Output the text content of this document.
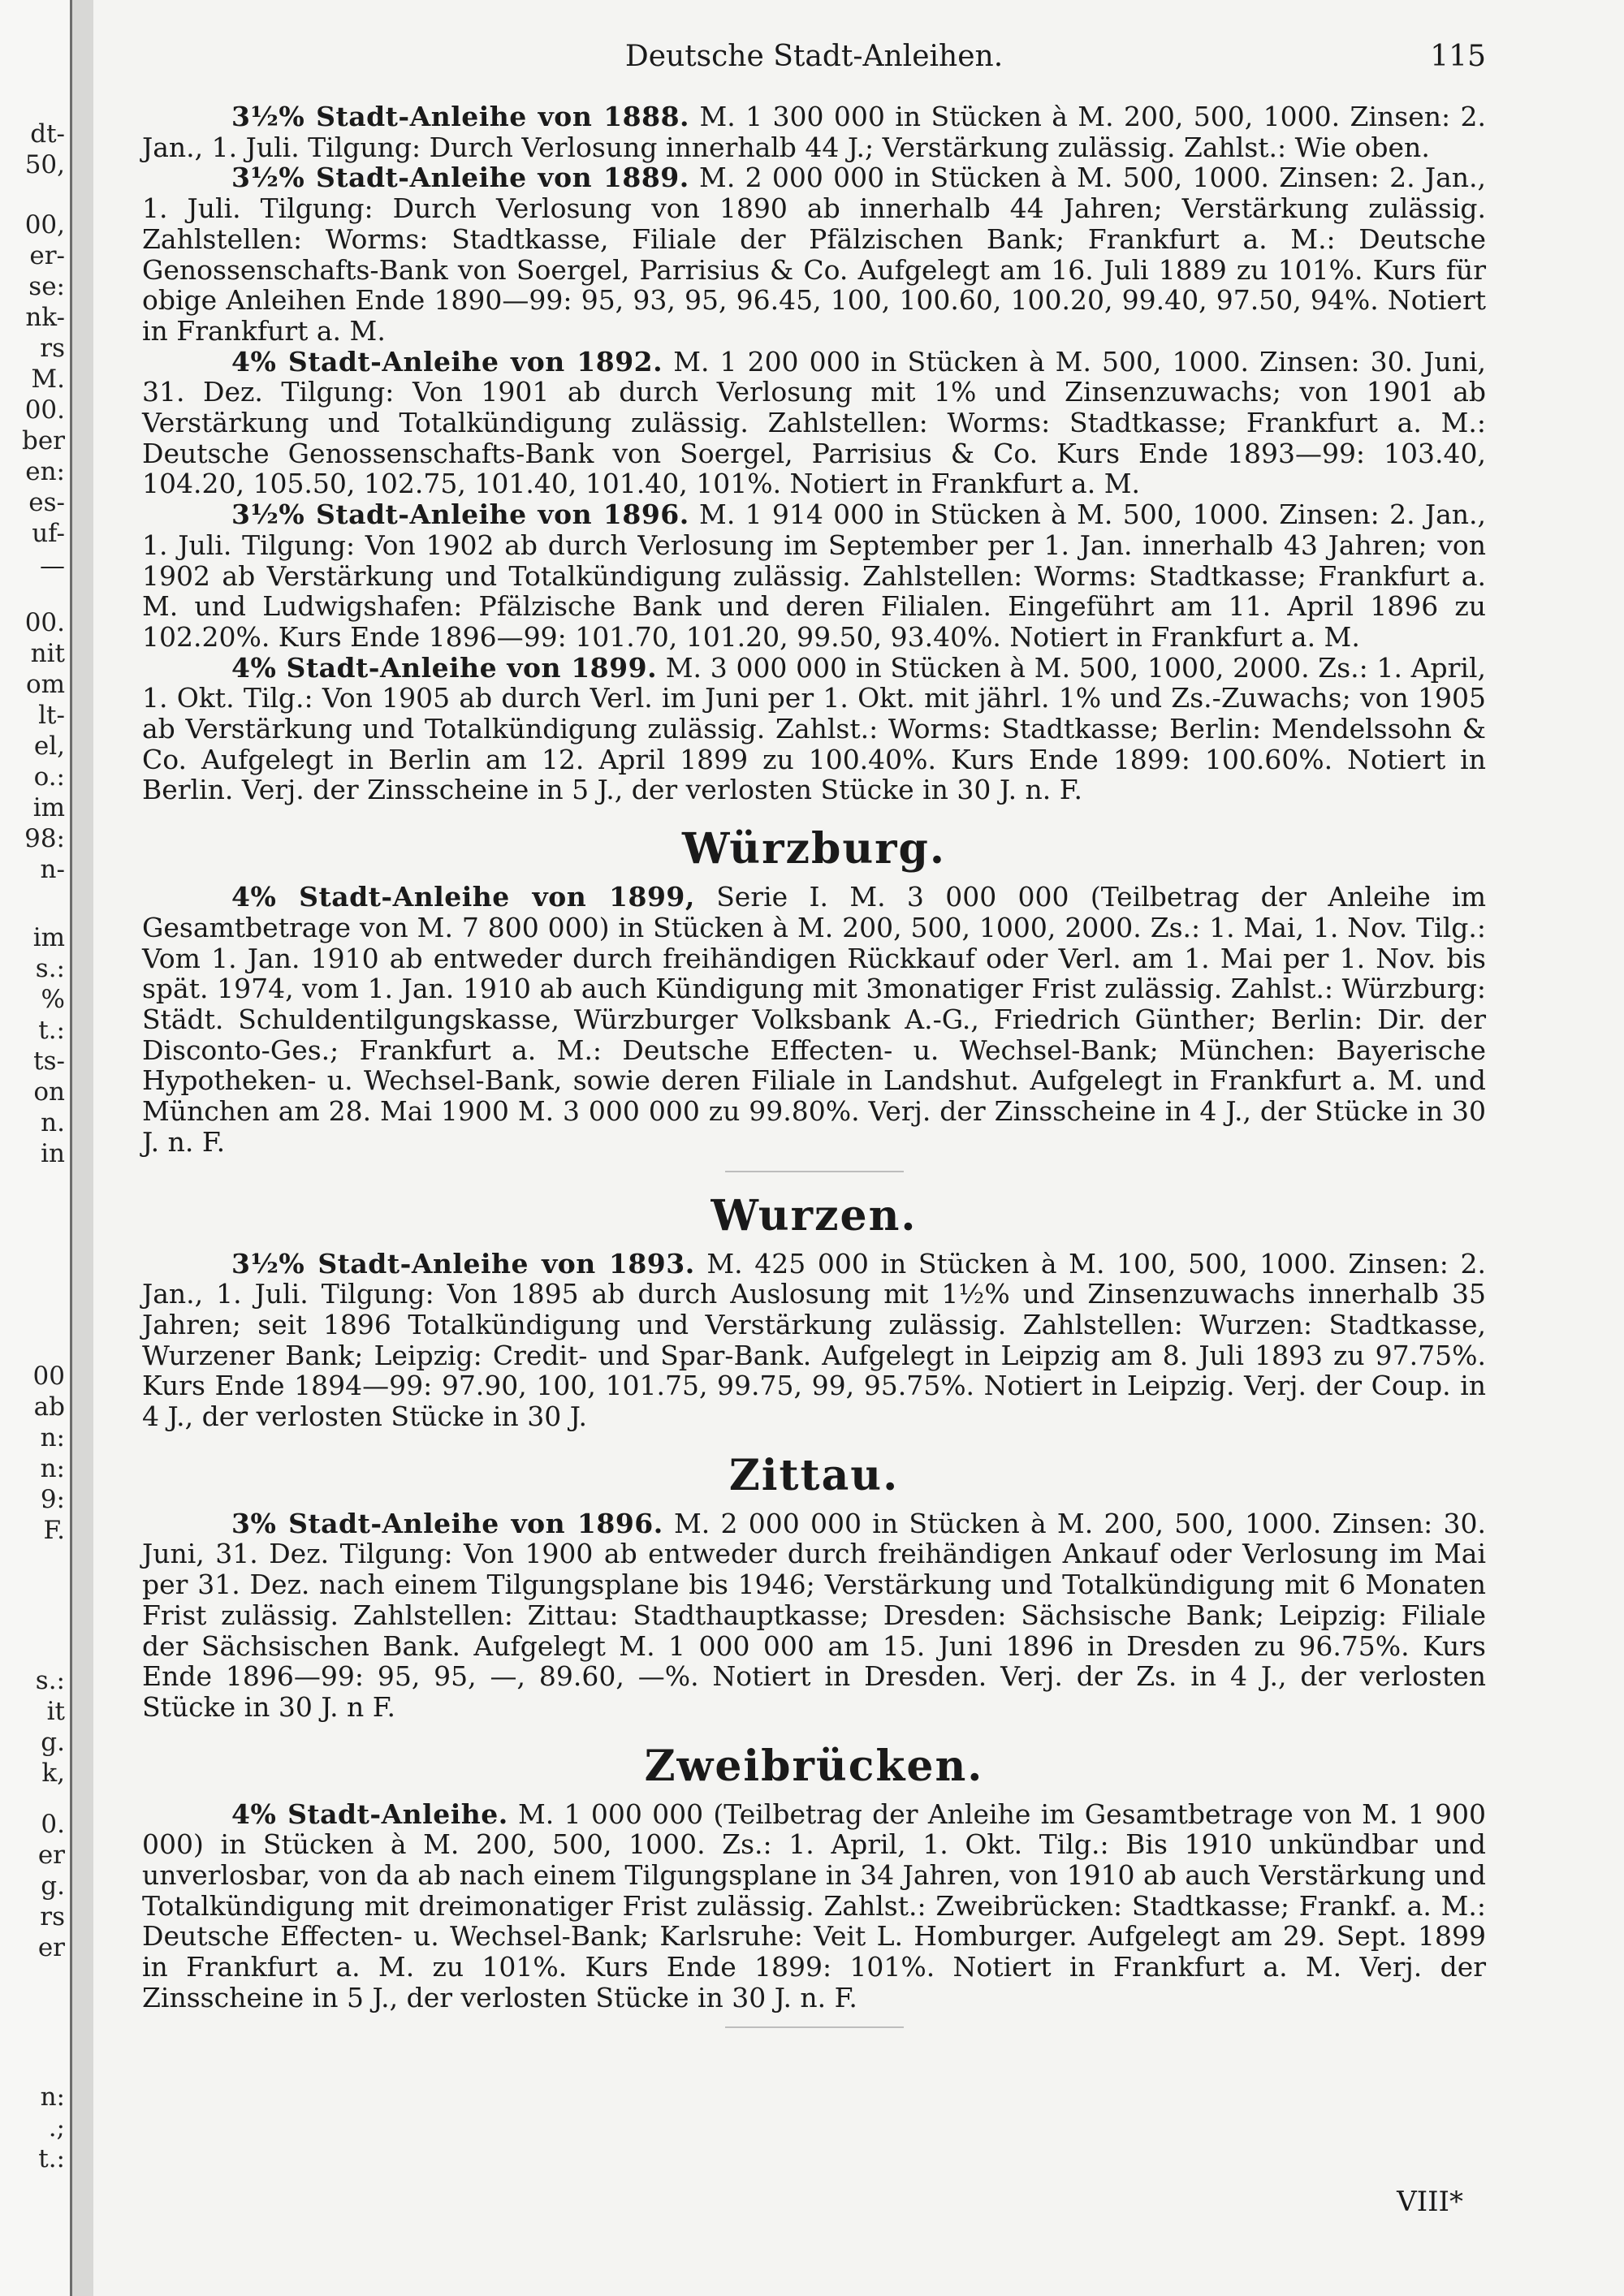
dt-
50,
00,
er-
se:
nk-
rs
M.
00.
ber
en:
es-
uf-
—
00.
nit
om
lt-
el,
o.:
im
98:
n-
im
s.:
%
t.:
ts-
on
n.
in
00
ab
n:
n:
9:
F.
s.:
it
g.
k,
0.
er
g.
rs
er
n:
.;
t.:
Deutsche Stadt-Anleihen.	115

3½% Stadt-Anleihe von 1888. M. 1 300 000 in Stücken à M. 200, 500, 1000. Zinsen: 2. Jan., 1. Juli. Tilgung: Durch Verlosung innerhalb 44 J.; Verstärkung zulässig. Zahlst.: Wie oben.

3½% Stadt-Anleihe von 1889. M. 2 000 000 in Stücken à M. 500, 1000. Zinsen: 2. Jan., 1. Juli. Tilgung: Durch Verlosung von 1890 ab innerhalb 44 Jahren; Verstärkung zulässig. Zahlstellen: Worms: Stadtkasse, Filiale der Pfälzischen Bank; Frankfurt a. M.: Deutsche Genossenschafts-Bank von Soergel, Parrisius & Co. Aufgelegt am 16. Juli 1889 zu 101%. Kurs für obige Anleihen Ende 1890—99: 95, 93, 95, 96.45, 100, 100.60, 100.20, 99.40, 97.50, 94%. Notiert in Frankfurt a. M.

4% Stadt-Anleihe von 1892. M. 1 200 000 in Stücken à M. 500, 1000. Zinsen: 30. Juni, 31. Dez. Tilgung: Von 1901 ab durch Verlosung mit 1% und Zinsenzuwachs; von 1901 ab Verstärkung und Totalkündigung zulässig. Zahlstellen: Worms: Stadtkasse; Frankfurt a. M.: Deutsche Genossenschafts-Bank von Soergel, Parrisius & Co. Kurs Ende 1893—99: 103.40, 104.20, 105.50, 102.75, 101.40, 101.40, 101%. Notiert in Frankfurt a. M.

3½% Stadt-Anleihe von 1896. M. 1 914 000 in Stücken à M. 500, 1000. Zinsen: 2. Jan., 1. Juli. Tilgung: Von 1902 ab durch Verlosung im September per 1. Jan. innerhalb 43 Jahren; von 1902 ab Verstärkung und Totalkündigung zulässig. Zahlstellen: Worms: Stadtkasse; Frankfurt a. M. und Ludwigshafen: Pfälzische Bank und deren Filialen. Eingeführt am 11. April 1896 zu 102.20%. Kurs Ende 1896—99: 101.70, 101.20, 99.50, 93.40%. Notiert in Frankfurt a. M.

4% Stadt-Anleihe von 1899. M. 3 000 000 in Stücken à M. 500, 1000, 2000. Zs.: 1. April, 1. Okt. Tilg.: Von 1905 ab durch Verl. im Juni per 1. Okt. mit jährl. 1% und Zs.-Zuwachs; von 1905 ab Verstärkung und Totalkündigung zulässig. Zahlst.: Worms: Stadtkasse; Berlin: Mendelssohn & Co. Aufgelegt in Berlin am 12. April 1899 zu 100.40%. Kurs Ende 1899: 100.60%. Notiert in Berlin. Verj. der Zinsscheine in 5 J., der verlosten Stücke in 30 J. n. F.

Würzburg.

4% Stadt-Anleihe von 1899, Serie I. M. 3 000 000 (Teilbetrag der Anleihe im Gesamtbetrage von M. 7 800 000) in Stücken à M. 200, 500, 1000, 2000. Zs.: 1. Mai, 1. Nov. Tilg.: Vom 1. Jan. 1910 ab entweder durch freihändigen Rückkauf oder Verl. am 1. Mai per 1. Nov. bis spät. 1974, vom 1. Jan. 1910 ab auch Kündigung mit 3monatiger Frist zulässig. Zahlst.: Würzburg: Städt. Schuldentilgungskasse, Würzburger Volksbank A.-G., Friedrich Günther; Berlin: Dir. der Disconto-Ges.; Frankfurt a. M.: Deutsche Effecten- u. Wechsel-Bank; München: Bayerische Hypotheken- u. Wechsel-Bank, sowie deren Filiale in Landshut. Aufgelegt in Frankfurt a. M. und München am 28. Mai 1900 M. 3 000 000 zu 99.80%. Verj. der Zinsscheine in 4 J., der Stücke in 30 J. n. F.

Wurzen.

3½% Stadt-Anleihe von 1893. M. 425 000 in Stücken à M. 100, 500, 1000. Zinsen: 2. Jan., 1. Juli. Tilgung: Von 1895 ab durch Auslosung mit 1½% und Zinsenzuwachs innerhalb 35 Jahren; seit 1896 Totalkündigung und Verstärkung zulässig. Zahlstellen: Wurzen: Stadtkasse, Wurzener Bank; Leipzig: Credit- und Spar-Bank. Aufgelegt in Leipzig am 8. Juli 1893 zu 97.75%. Kurs Ende 1894—99: 97.90, 100, 101.75, 99.75, 99, 95.75%. Notiert in Leipzig. Verj. der Coup. in 4 J., der verlosten Stücke in 30 J.

Zittau.

3% Stadt-Anleihe von 1896. M. 2 000 000 in Stücken à M. 200, 500, 1000. Zinsen: 30. Juni, 31. Dez. Tilgung: Von 1900 ab entweder durch freihändigen Ankauf oder Verlosung im Mai per 31. Dez. nach einem Tilgungsplane bis 1946; Verstärkung und Totalkündigung mit 6 Monaten Frist zulässig. Zahlstellen: Zittau: Stadthauptkasse; Dresden: Sächsische Bank; Leipzig: Filiale der Sächsischen Bank. Aufgelegt M. 1 000 000 am 15. Juni 1896 in Dresden zu 96.75%. Kurs Ende 1896—99: 95, 95, —, 89.60, —%. Notiert in Dresden. Verj. der Zs. in 4 J., der verlosten Stücke in 30 J. n F.

Zweibrücken.

4% Stadt-Anleihe. M. 1 000 000 (Teilbetrag der Anleihe im Gesamtbetrage von M. 1 900 000) in Stücken à M. 200, 500, 1000. Zs.: 1. April, 1. Okt. Tilg.: Bis 1910 unkündbar und unverlosbar, von da ab nach einem Tilgungsplane in 34 Jahren, von 1910 ab auch Verstärkung und Totalkündigung mit dreimonatiger Frist zulässig. Zahlst.: Zweibrücken: Stadtkasse; Frankf. a. M.: Deutsche Effecten- u. Wechsel-Bank; Karlsruhe: Veit L. Homburger. Aufgelegt am 29. Sept. 1899 in Frankfurt a. M. zu 101%. Kurs Ende 1899: 101%. Notiert in Frankfurt a. M. Verj. der Zinsscheine in 5 J., der verlosten Stücke in 30 J. n. F.

VIII*
